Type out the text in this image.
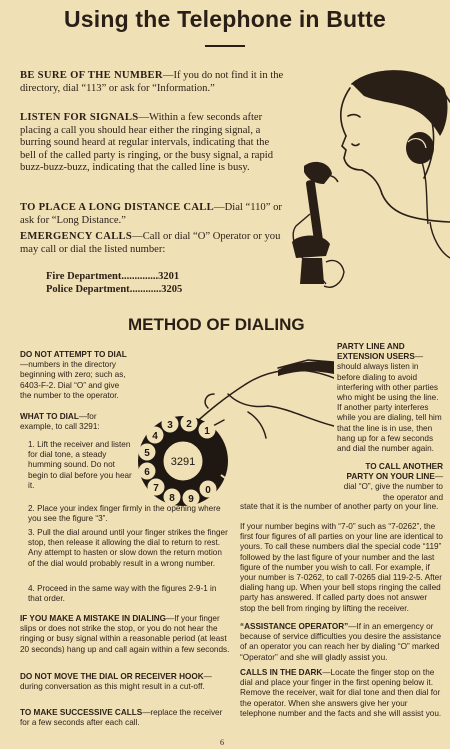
Using the Telephone in Butte
BE SURE OF THE NUMBER—If you do not find it in the directory, dial “113” or ask for “Information.”
LISTEN FOR SIGNALS—Within a few seconds after placing a call you should hear either the ringing signal, a burring sound heard at regular intervals, indicating that the bell of the called party is ringing, or the busy signal, a rapid buzz-buzz-buzz, indicating that the called line is busy.
TO PLACE A LONG DISTANCE CALL—Dial “110” or ask for “Long Distance.”
EMERGENCY CALLS—Call or dial “O” Operator or you may call or dial the listed number:
Fire Department..............3201
Police Department............3205
METHOD OF DIALING
3291
1
2
3
4
5
6
7
8 9
0
DO NOT ATTEMPT TO DIAL—numbers in the directory beginning with zero; such as, 6403-F-2. Dial “O” and give the number to the operator.
WHAT TO DIAL—for example, to call 3291:
1. Lift the receiver and listen for dial tone, a steady humming sound. Do not begin to dial before you hear it.
2. Place your index finger firmly in the opening where you see the figure “3”.
3. Pull the dial around until your finger strikes the finger stop, then release it allowing the dial to return to rest. Any attempt to hasten or slow down the return motion of the dial would probably result in a wrong number.
4. Proceed in the same way with the figures 2-9-1 in that order.
IF YOU MAKE A MISTAKE IN DIALING—If your finger slips or does not strike the stop, or you do not hear the ringing or busy signal within a reasonable period (at least 20 seconds) hang up and call again within a few seconds.
DO NOT MOVE THE DIAL OR RECEIVER HOOK—during conversation as this might result in a cut-off.
TO MAKE SUCCESSIVE CALLS—replace the receiver for a few seconds after each call.
PARTY LINE AND EXTENSION USERS—should always listen in before dialing to avoid interfering with other parties who might be using the line. If another party interferes while you are dialing, tell him that the line is in use, then hang up for a few seconds and dial the number again.
TO CALL ANOTHER PARTY ON YOUR LINE—dial “O”, give the number to the operator and
state that it is the number of another party on your line.
If your number begins with “7-0” such as “7-0262”, the first four figures of all parties on your line are identical to yours. To call these numbers dial the special code “119” followed by the last figure of your number and the last figure of the number you wish to call. For example, if your number is 7-0262, to call 7-0265 dial 119-2-5. After dialing hang up. When your bell stops ringing the called party has answered. If called party does not answer stop the bell from ringing by lifting the receiver.
“ASSISTANCE OPERATOR”—If in an emergency or because of service difficulties you desire the assistance of an operator you can reach her by dialing “O” marked “Operator” and she will gladly assist you.
CALLS IN THE DARK—Locate the finger stop on the dial and place your finger in the first opening below it. Remove the receiver, wait for dial tone and then dial for the operator. When she answers give her your telephone number and the facts and she will assist you.
6
